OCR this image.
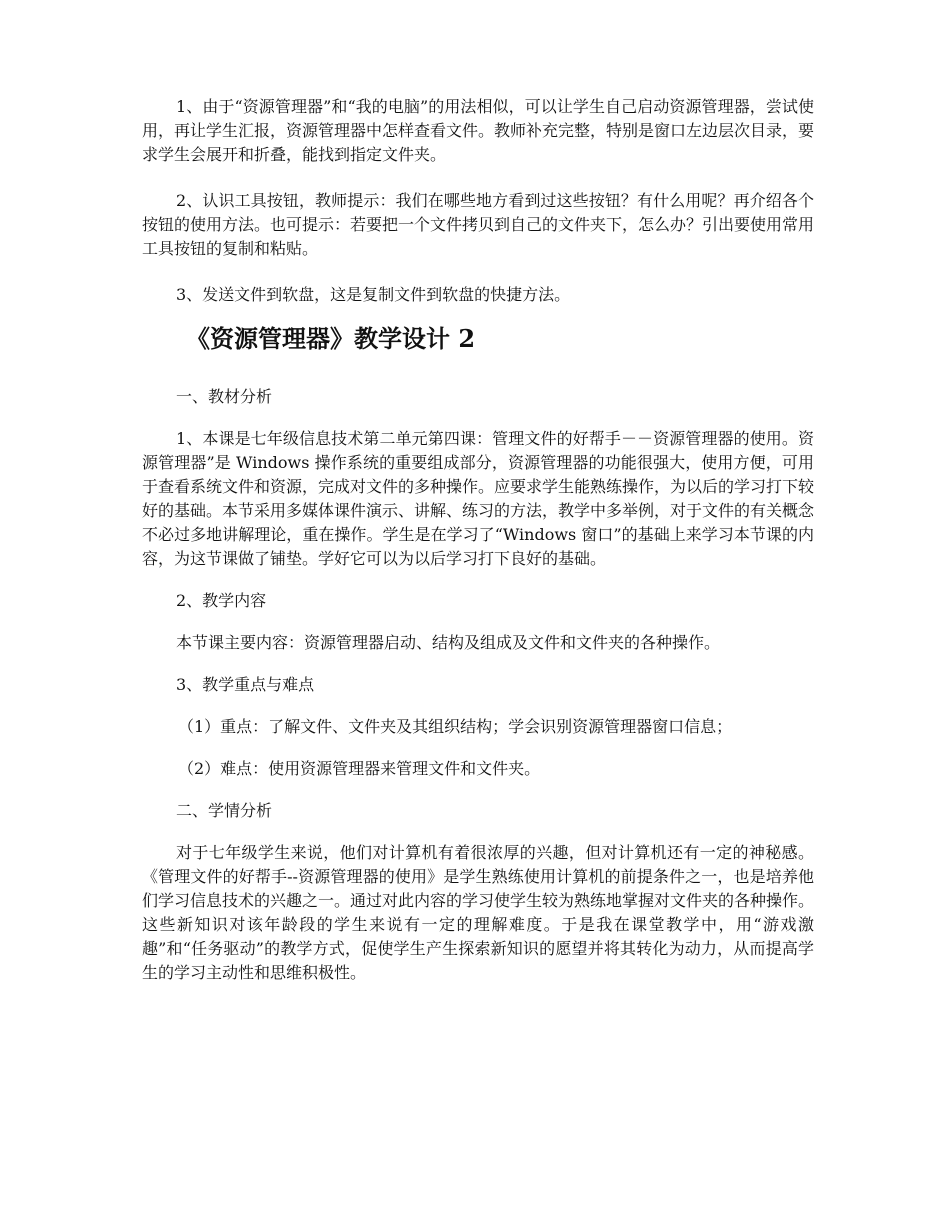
1、由于“资源管理器”和“我的电脑”的用法相似，可以让学生自己启动资源管理器，尝试使用，再让学生汇报，资源管理器中怎样查看文件。教师补充完整，特别是窗口左边层次目录，要求学生会展开和折叠，能找到指定文件夹。

2、认识工具按钮，教师提示：我们在哪些地方看到过这些按钮？有什么用呢？再介绍各个按钮的使用方法。也可提示：若要把一个文件拷贝到自己的文件夹下，怎么办？引出要使用常用工具按钮的复制和粘贴。

3、发送文件到软盘，这是复制文件到软盘的快捷方法。

《资源管理器》教学设计 2

一、教材分析

1、本课是七年级信息技术第二单元第四课：管理文件的好帮手－－资源管理器的使用。资源管理器”是 Windows 操作系统的重要组成部分，资源管理器的功能很强大，使用方便，可用于查看系统文件和资源，完成对文件的多种操作。应要求学生能熟练操作，为以后的学习打下较好的基础。本节采用多媒体课件演示、讲解、练习的方法，教学中多举例，对于文件的有关概念不必过多地讲解理论，重在操作。学生是在学习了“Windows 窗口”的基础上来学习本节课的内容，为这节课做了铺垫。学好它可以为以后学习打下良好的基础。

2、教学内容

本节课主要内容：资源管理器启动、结构及组成及文件和文件夹的各种操作。

3、教学重点与难点

（1）重点：了解文件、文件夹及其组织结构；学会识别资源管理器窗口信息；

（2）难点：使用资源管理器来管理文件和文件夹。

二、学情分析

对于七年级学生来说，他们对计算机有着很浓厚的兴趣，但对计算机还有一定的神秘感。《管理文件的好帮手--资源管理器的使用》是学生熟练使用计算机的前提条件之一，也是培养他们学习信息技术的兴趣之一。通过对此内容的学习使学生较为熟练地掌握对文件夹的各种操作。这些新知识对该年龄段的学生来说有一定的理解难度。于是我在课堂教学中，用“游戏激趣”和“任务驱动”的教学方式，促使学生产生探索新知识的愿望并将其转化为动力，从而提高学生的学习主动性和思维积极性。
